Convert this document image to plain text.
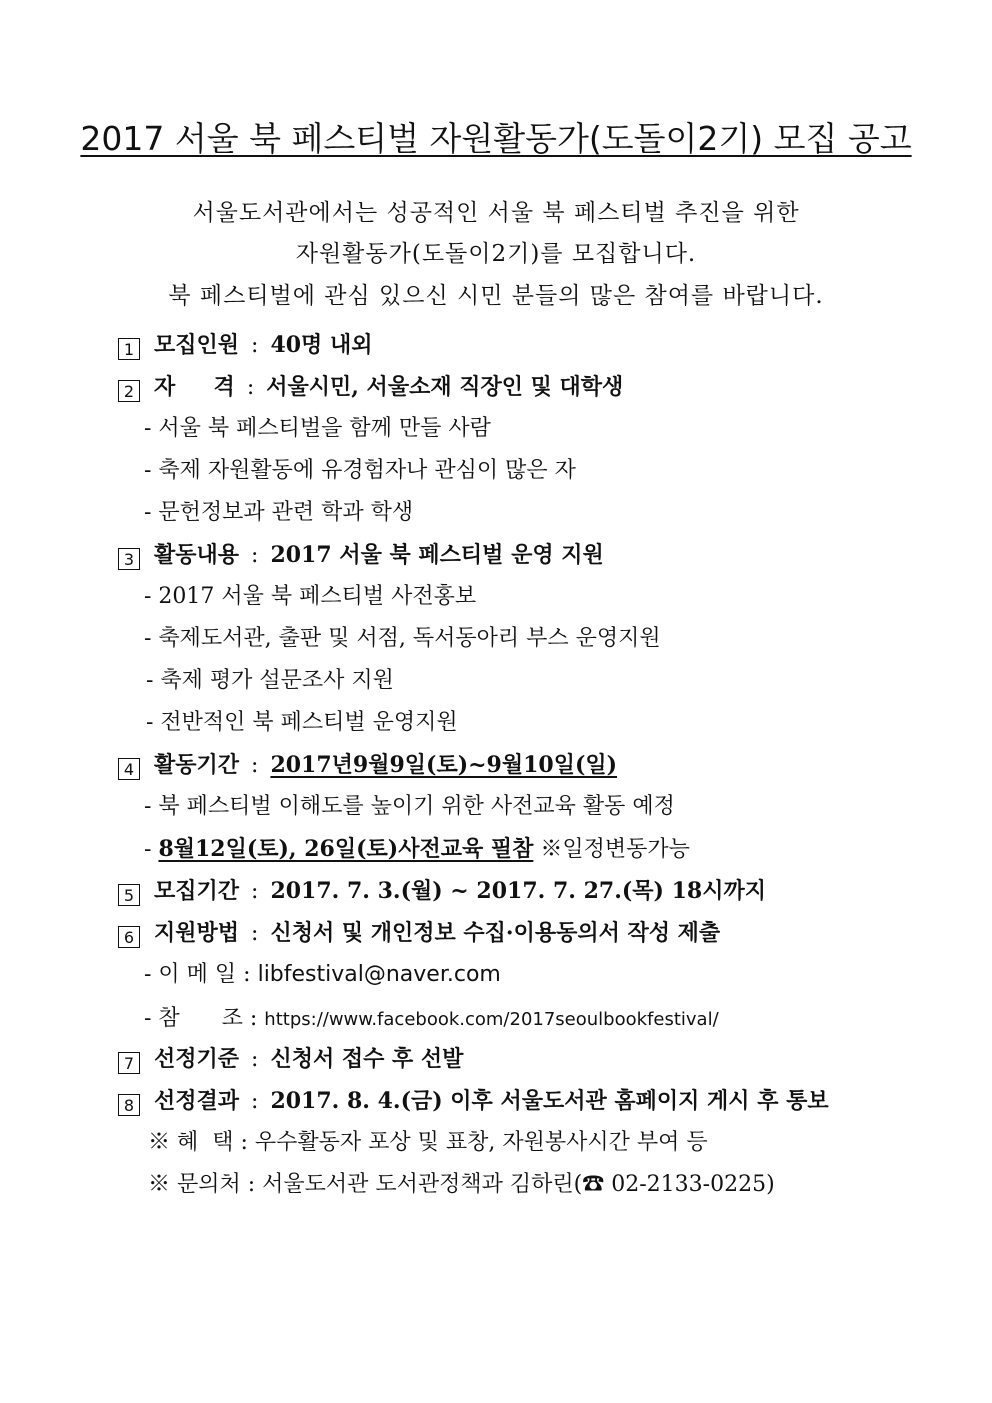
2017 서울 북 페스티벌 자원활동가(도돌이2기) 모집 공고
서울도서관에서는 성공적인 서울 북 페스티벌 추진을 위한
자원활동가(도돌이2기)를 모집합니다.
북 페스티벌에 관심 있으신 시민 분들의 많은 참여를 바랍니다.
1 모집인원 : 40명 내외
2 자     격 : 서울시민, 서울소재 직장인 및 대학생
- 서울 북 페스티벌을 함께 만들 사람
- 축제 자원활동에 유경험자나 관심이 많은 자
- 문헌정보과 관련 학과 학생
3 활동내용 : 2017 서울 북 페스티벌 운영 지원
- 2017 서울 북 페스티벌 사전홍보
- 축제도서관, 출판 및 서점, 독서동아리 부스 운영지원
- 축제 평가 설문조사 지원
- 전반적인 북 페스티벌 운영지원
4 활동기간 : 2017년9월9일(토)~9월10일(일)
- 북 페스티벌 이해도를 높이기 위한 사전교육 활동 예정
- 8월12일(토), 26일(토)사전교육 필참 ※일정변동가능
5 모집기간 : 2017. 7. 3.(월) ~ 2017. 7. 27.(목) 18시까지
6 지원방법 : 신청서 및 개인정보 수집·이용동의서 작성 제출
- 이 메 일 : libfestival@naver.com
- 참      조 : https://www.facebook.com/2017seoulbookfestival/
7 선정기준 : 신청서 접수 후 선발
8 선정결과 : 2017. 8. 4.(금) 이후 서울도서관 홈페이지 게시 후 통보
※ 혜  택 : 우수활동자 포상 및 표창, 자원봉사시간 부여 등
※ 문의처 : 서울도서관 도서관정책과 김하린(☎ 02-2133-0225)
